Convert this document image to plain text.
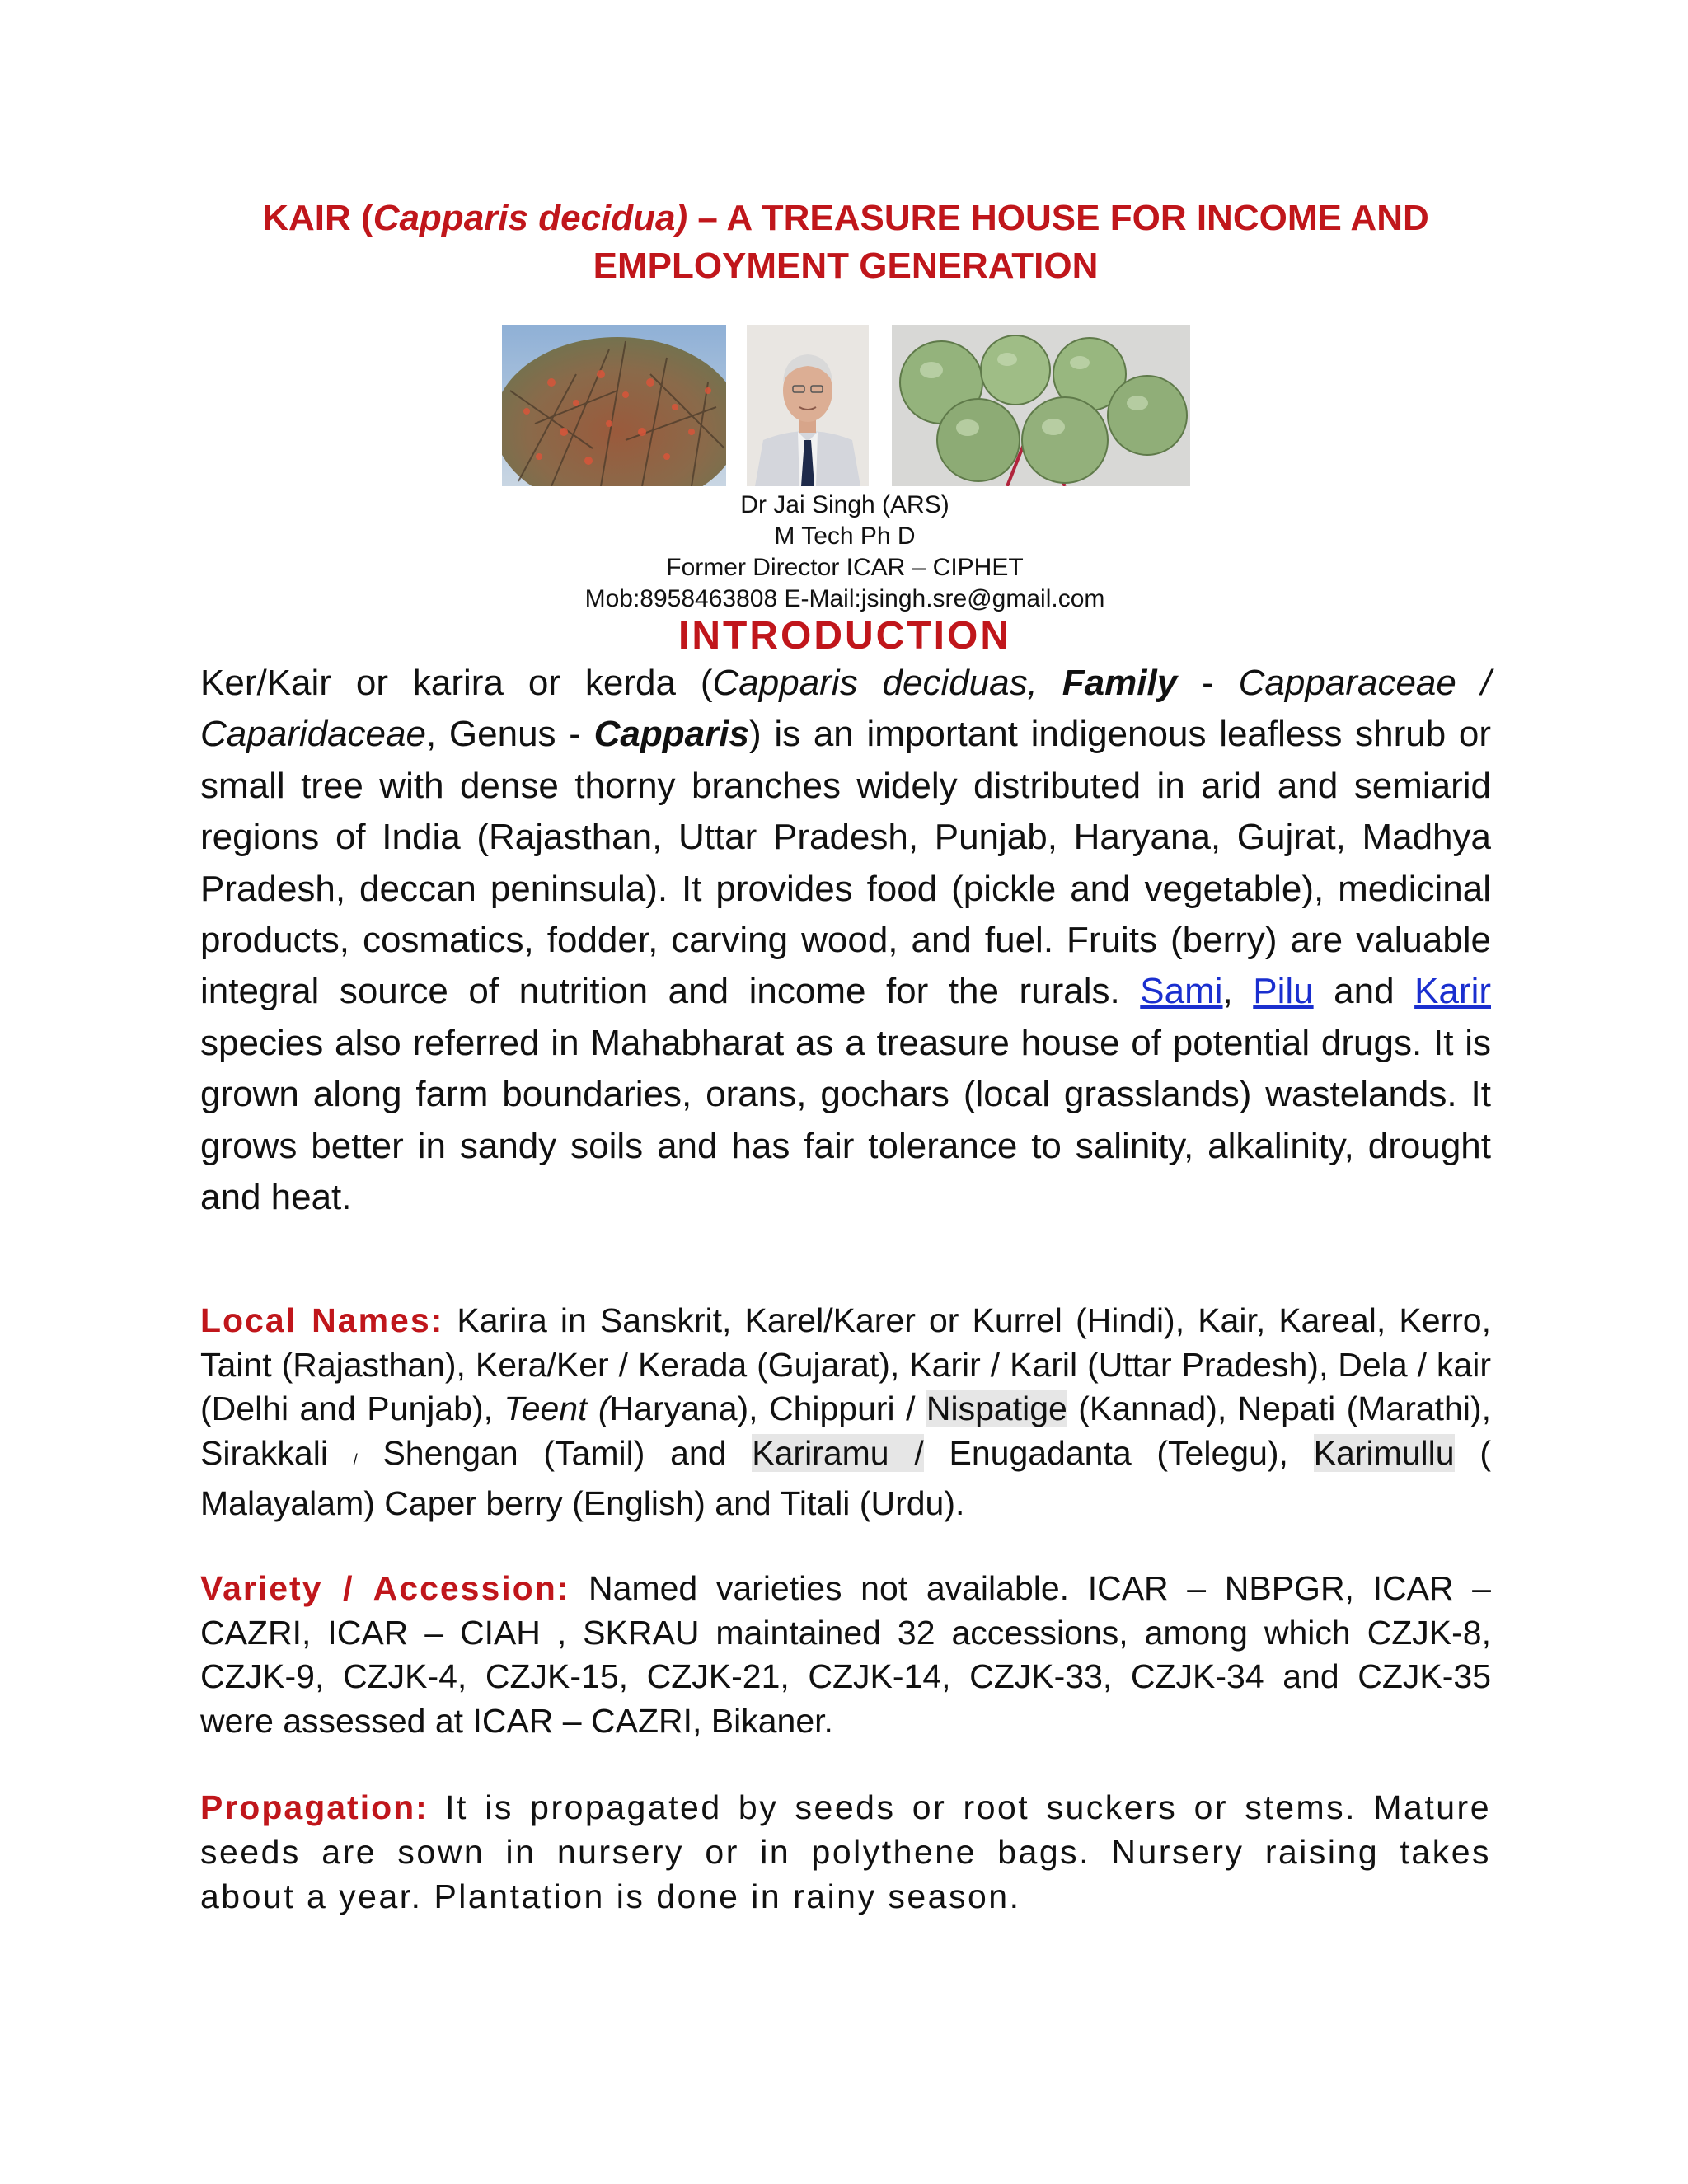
KAIR (Capparis decidua) – A TREASURE HOUSE FOR INCOME AND
EMPLOYMENT GENERATION
Dr Jai Singh (ARS)
M Tech Ph D
Former Director ICAR – CIPHET
Mob:8958463808 E-Mail:jsingh.sre@gmail.com
INTRODUCTION

Ker/Kair or karira or kerda (Capparis deciduas, Family - Capparaceae / Caparidaceae, Genus - Capparis) is an important indigenous leafless shrub or small tree with dense thorny branches widely distributed in arid and semiarid regions of India (Rajasthan, Uttar Pradesh, Punjab, Haryana, Gujrat, Madhya Pradesh, deccan peninsula). It provides food (pickle and vegetable), medicinal products, cosmatics, fodder, carving wood, and fuel. Fruits (berry) are valuable integral source of nutrition and income for the rurals. Sami, Pilu and Karir species also referred in Mahabharat as a treasure house of potential drugs. It is grown along farm boundaries, orans, gochars (local grasslands) wastelands. It grows better in sandy soils and has fair tolerance to salinity, alkalinity, drought and heat.

Local Names: Karira in Sanskrit, Karel/Karer or Kurrel (Hindi), Kair, Kareal, Kerro, Taint (Rajasthan), Kera/Ker / Kerada (Gujarat), Karir / Karil (Uttar Pradesh), Dela / kair (Delhi and Punjab), Teent (Haryana), Chippuri / Nispatige (Kannad), Nepati (Marathi), Sirakkali / Shengan (Tamil) and Kariramu / Enugadanta (Telegu), Karimullu ( Malayalam) Caper berry (English) and Titali (Urdu).

Variety / Accession: Named varieties not available. ICAR – NBPGR, ICAR – CAZRI, ICAR – CIAH , SKRAU maintained 32 accessions, among which CZJK-8, CZJK-9, CZJK-4, CZJK-15, CZJK-21, CZJK-14, CZJK-33, CZJK-34 and CZJK-35 were assessed at ICAR – CAZRI, Bikaner.

Propagation: It is propagated by seeds or root suckers or stems. Mature seeds are sown in nursery or in polythene bags. Nursery raising takes about a year. Plantation is done in rainy season.
